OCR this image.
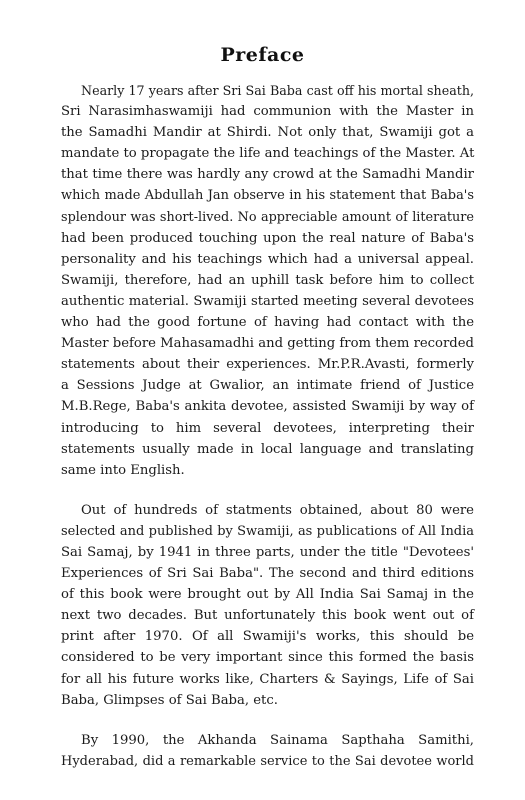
Preface

Nearly 17 years after Sri Sai Baba cast off his mortal sheath,
Sri Narasimhaswamiji had communion with the Master in
the Samadhi Mandir at Shirdi. Not only that, Swamiji got a
mandate to propagate the life and teachings of the Master. At
that time there was hardly any crowd at the Samadhi Mandir
which made Abdullah Jan observe in his statement that Baba's
splendour was short-lived. No appreciable amount of literature
had been produced touching upon the real nature of Baba's
personality and his teachings which had a universal appeal.
Swamiji, therefore, had an uphill task before him to collect
authentic material. Swamiji started meeting several devotees
who had the good fortune of having had contact with the
Master before Mahasamadhi and getting from them recorded
statements about their experiences. Mr.P.R.Avasti, formerly
a Sessions Judge at Gwalior, an intimate friend of Justice
M.B.Rege, Baba's ankita devotee, assisted Swamiji by way of
introducing to him several devotees, interpreting their
statements usually made in local language and translating
same into English.

Out of hundreds of statments obtained, about 80 were
selected and published by Swamiji, as publications of All India
Sai Samaj, by 1941 in three parts, under the title "Devotees'
Experiences of Sri Sai Baba". The second and third editions
of this book were brought out by All India Sai Samaj in the
next two decades. But unfortunately this book went out of
print after 1970. Of all Swamiji's works, this should be
considered to be very important since this formed the basis
for all his future works like, Charters & Sayings, Life of Sai
Baba, Glimpses of Sai Baba, etc.

By 1990, the Akhanda Sainama Sapthaha Samithi,
Hyderabad, did a remarkable service to the Sai devotee world
